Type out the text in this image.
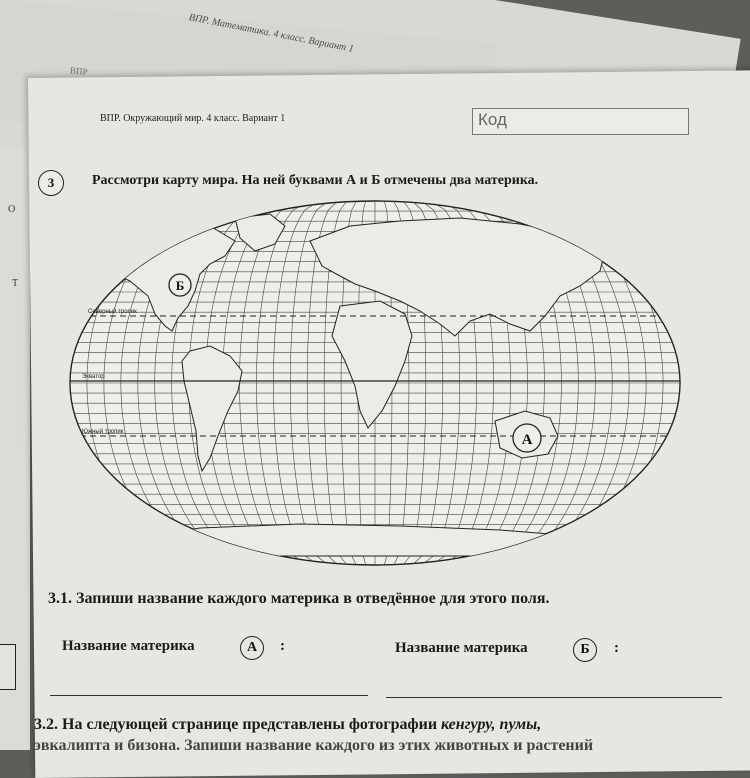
ВПР. Математика. 4 класс. Вариант 1
ВПР
О
Т
ВПР. Окружающий мир. 4 класс. Вариант 1	Код
3	Рассмотри карту мира. На ней буквами А и Б отмечены два материка.
Северный тропик
Экватор
Южный тропик
Б
А
3.1. Запиши название каждого материка в отведённое для этого поля.
Название материка	А	:	Название материка	Б	:
3.2. На следующей странице представлены фотографии кенгуру, пумы,
эвкалипта и бизона. Запиши название каждого из этих животных и растений
